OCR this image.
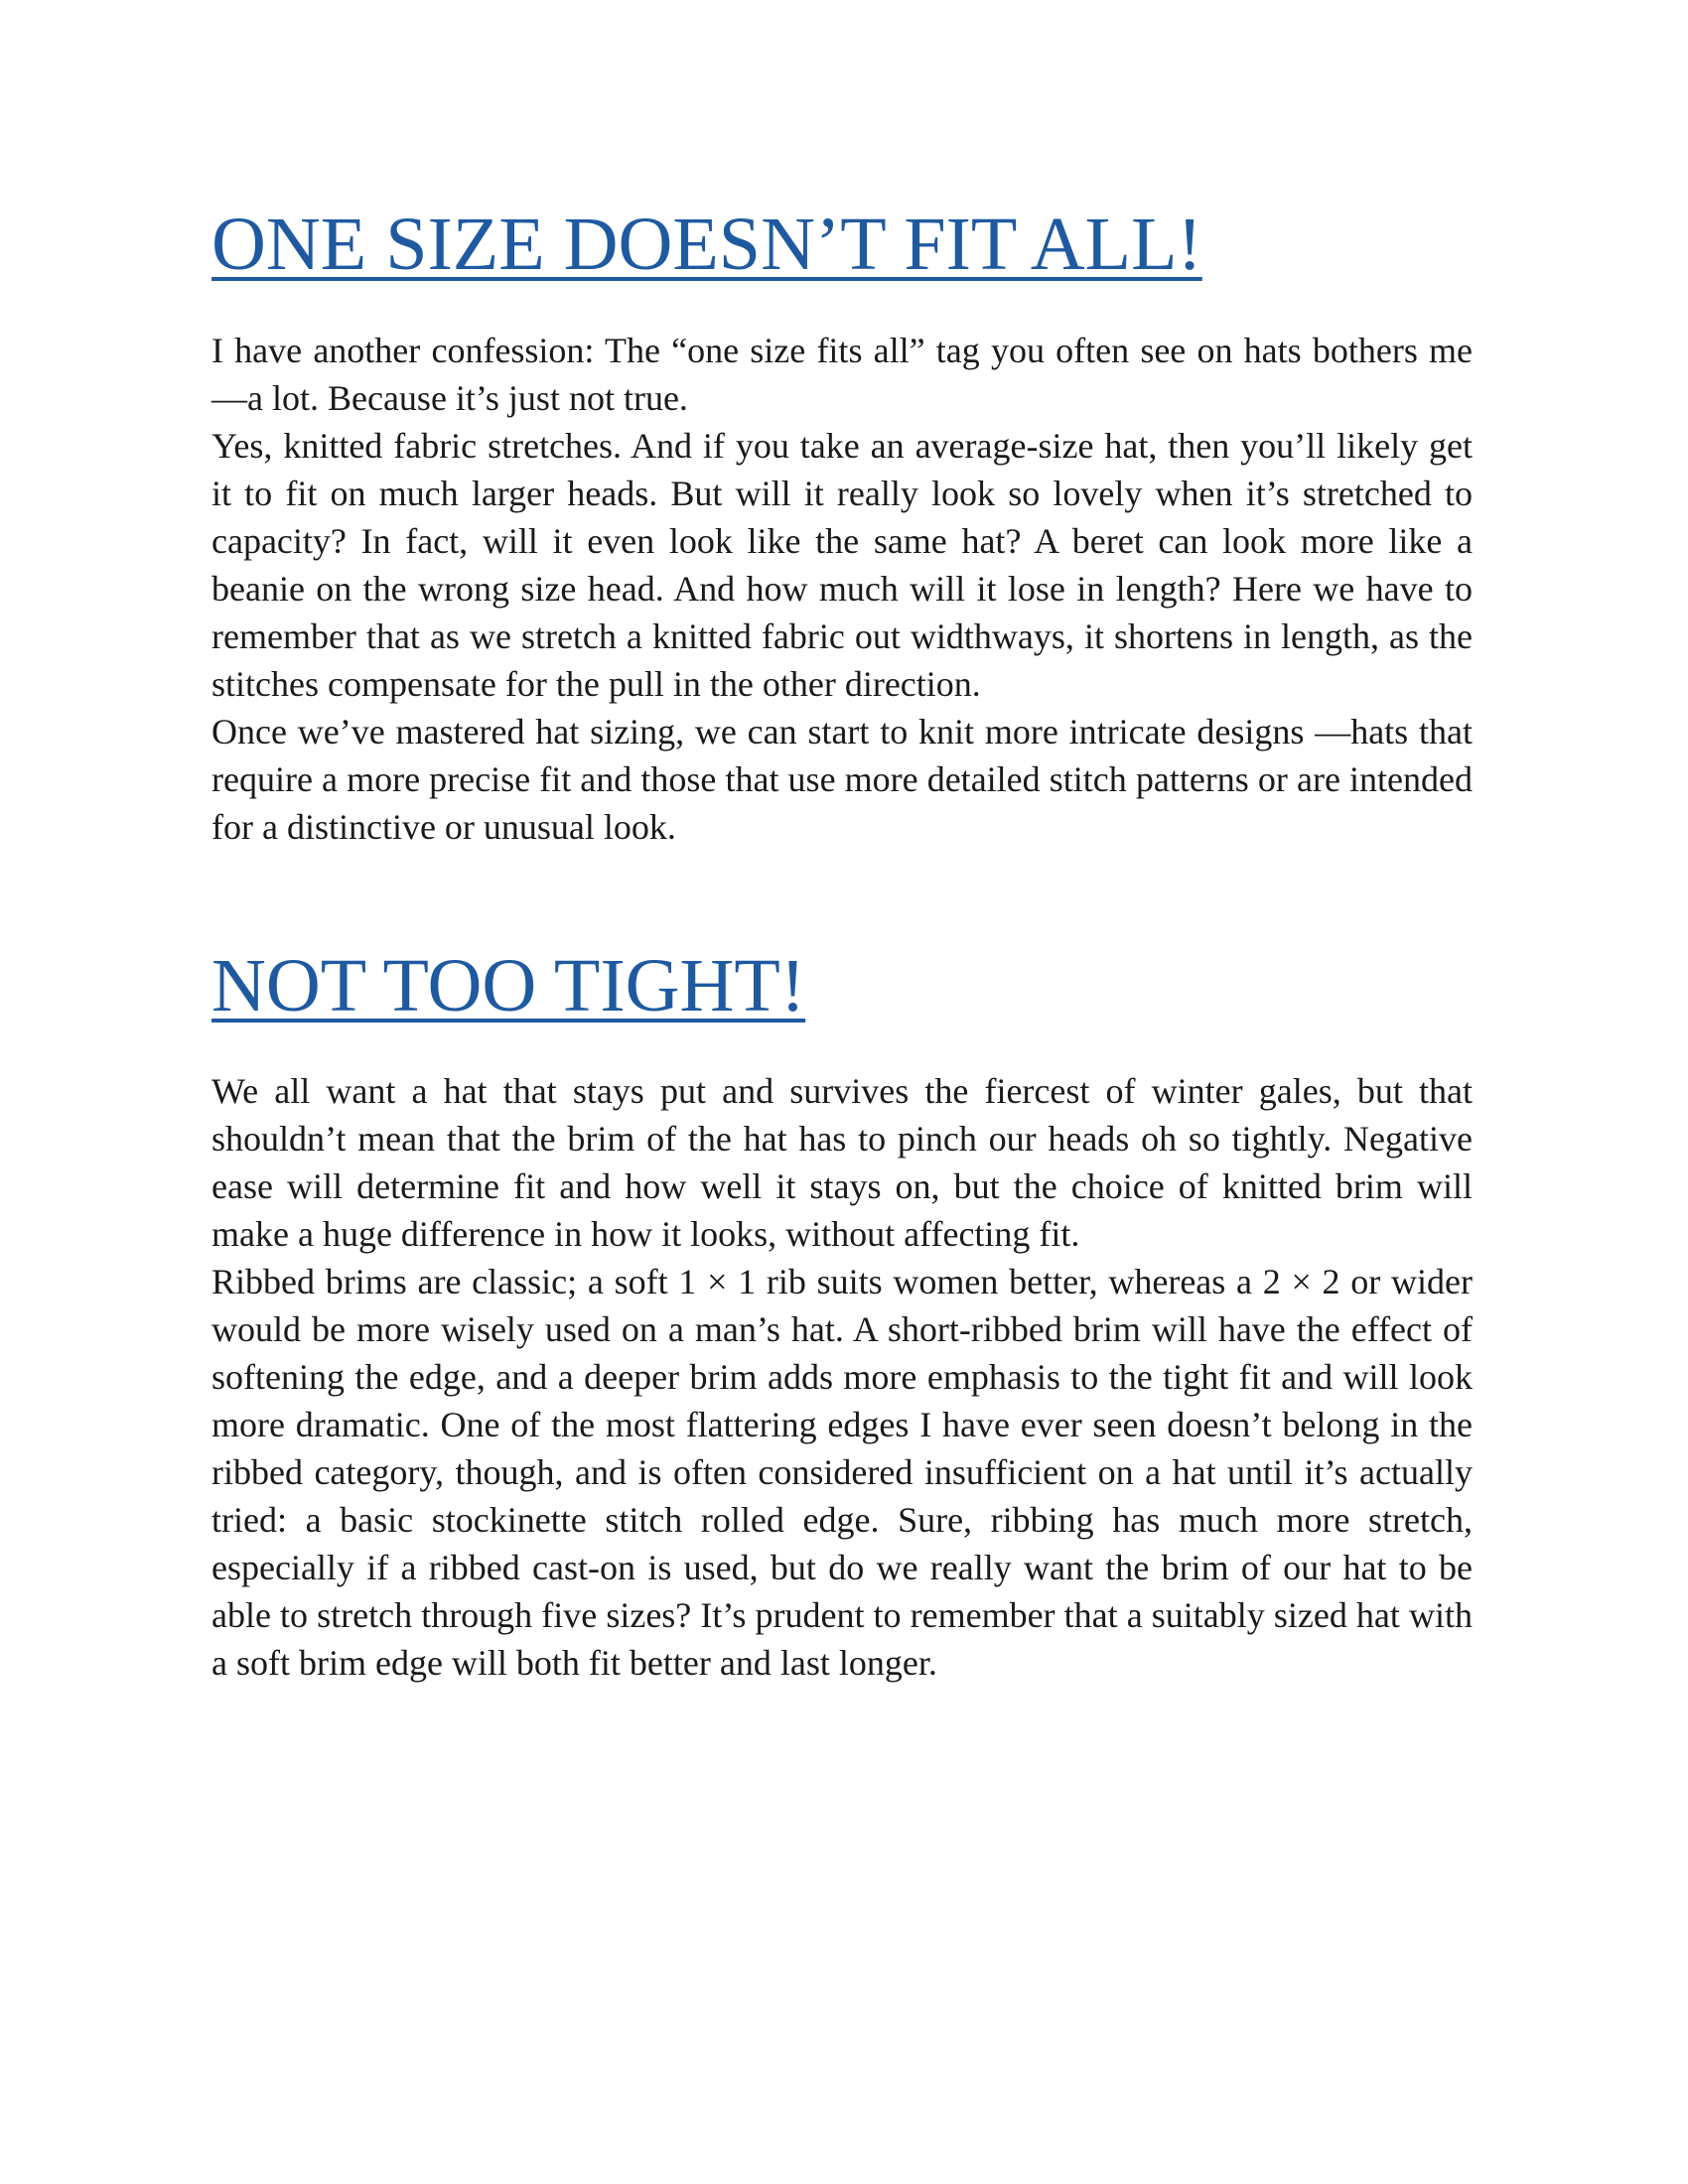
ONE SIZE DOESN’T FIT ALL!

I have another confession: The “one size fits all” tag you often see on hats bothers me—a lot. Because it’s just not true.

Yes, knitted fabric stretches. And if you take an average-size hat, then you’ll likely get it to fit on much larger heads. But will it really look so lovely when it’s stretched to capacity? In fact, will it even look like the same hat? A beret can look more like a beanie on the wrong size head. And how much will it lose in length? Here we have to remember that as we stretch a knitted fabric out widthways, it shortens in length, as the stitches compensate for the pull in the other direction.

Once we’ve mastered hat sizing, we can start to knit more intricate designs —hats that require a more precise fit and those that use more detailed stitch patterns or are intended for a distinctive or unusual look.

NOT TOO TIGHT!

We all want a hat that stays put and survives the fiercest of winter gales, but that shouldn’t mean that the brim of the hat has to pinch our heads oh so tightly. Negative ease will determine fit and how well it stays on, but the choice of knitted brim will make a huge difference in how it looks, without affecting fit.

Ribbed brims are classic; a soft 1 × 1 rib suits women better, whereas a 2 × 2 or wider would be more wisely used on a man’s hat. A short-ribbed brim will have the effect of softening the edge, and a deeper brim adds more emphasis to the tight fit and will look more dramatic. One of the most flattering edges I have ever seen doesn’t belong in the ribbed category, though, and is often considered insufficient on a hat until it’s actually tried: a basic stockinette stitch rolled edge. Sure, ribbing has much more stretch, especially if a ribbed cast-on is used, but do we really want the brim of our hat to be able to stretch through five sizes? It’s prudent to remember that a suitably sized hat with a soft brim edge will both fit better and last longer.
